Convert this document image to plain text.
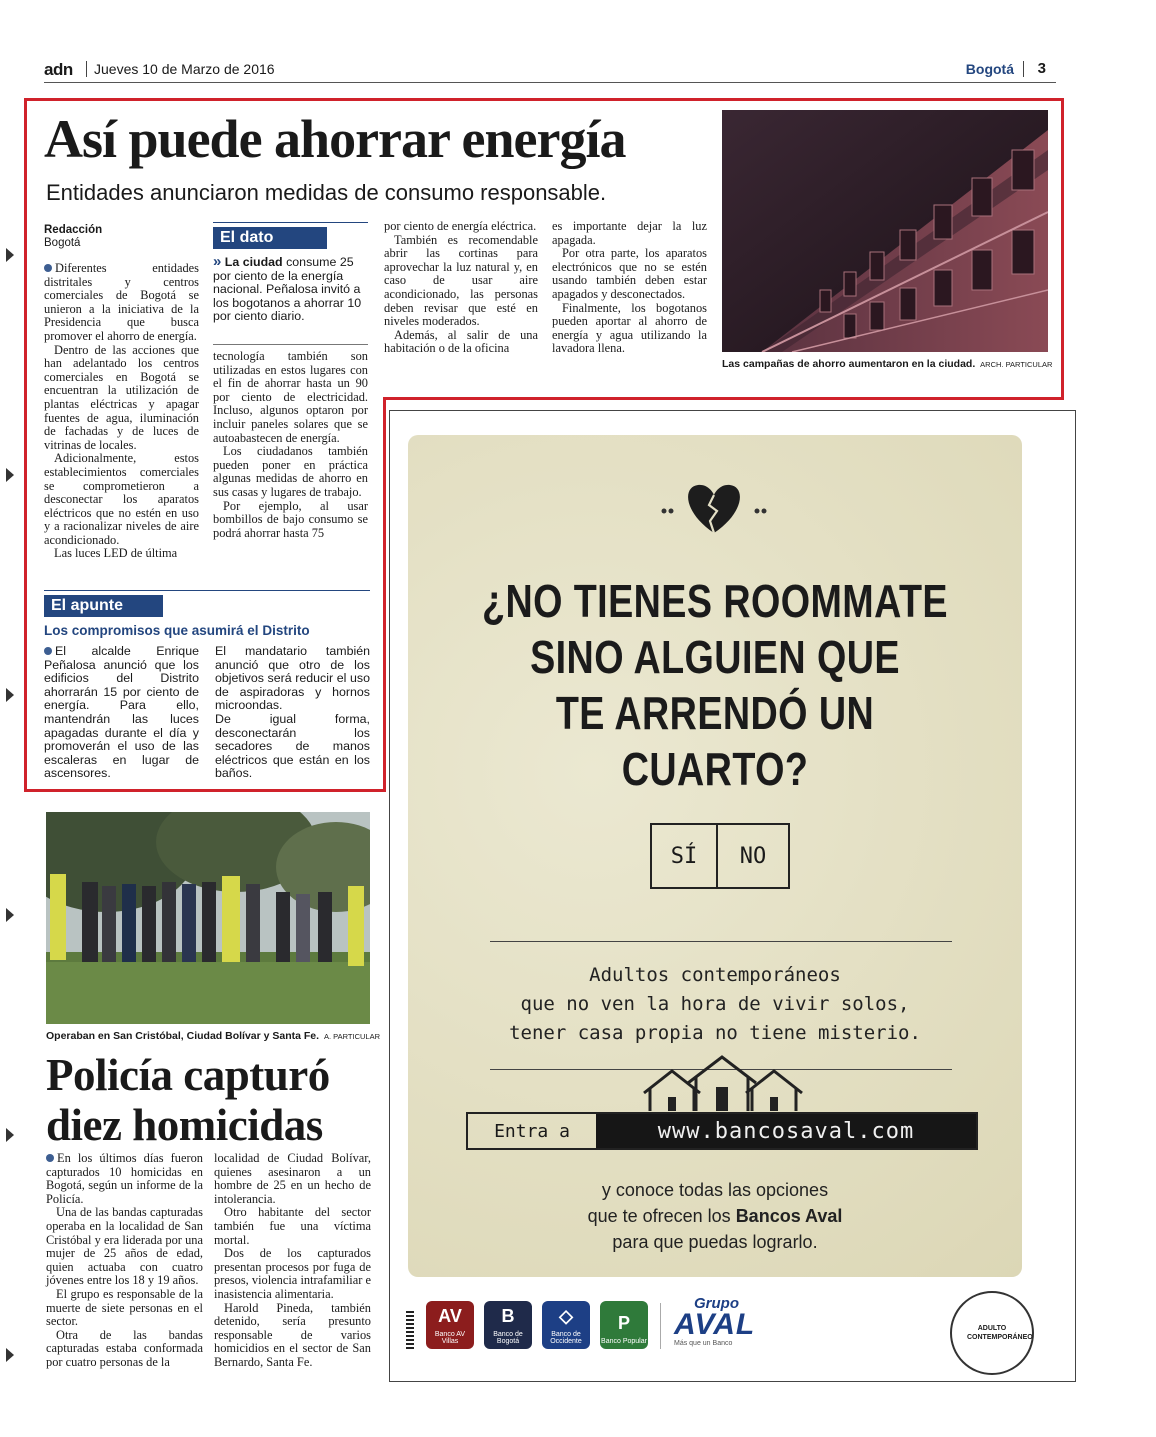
adn Jueves 10 de Marzo de 2016	Bogotá 3
Así puede ahorrar energía
Entidades anunciaron medidas de consumo responsable.
Redacción
Bogotá

Diferentes entidades distritales y centros comerciales de Bogotá se unieron a la iniciativa de la Presidencia que busca promover el ahorro de energía.

Dentro de las acciones que han adelantado los centros comerciales en Bogotá se encuentran la utilización de plantas eléctricas y apagar fuentes de agua, iluminación de fachadas y de luces de vitrinas de locales.

Adicionalmente, estos establecimientos comerciales se comprometieron a desconectar los aparatos eléctricos que no estén en uso y a racionalizar niveles de aire acondicionado.

Las luces LED de última

El dato
» La ciudad consume 25 por ciento de la energía nacional. Peñalosa invitó a los bogotanos a ahorrar 10 por ciento diario.

tecnología también son utilizadas en estos lugares con el fin de ahorrar hasta un 90 por ciento de electricidad. Incluso, algunos optaron por incluir paneles solares que se autoabastecen de energía.

Los ciudadanos también pueden poner en práctica algunas medidas de ahorro en sus casas y lugares de trabajo.

Por ejemplo, al usar bombillos de bajo consumo se podrá ahorrar hasta 75

por ciento de energía eléctrica.

También es recomendable abrir las cortinas para aprovechar la luz natural y, en caso de usar aire acondicionado, las personas deben revisar que esté en niveles moderados.

Además, al salir de una habitación o de la oficina

es importante dejar la luz apagada.

Por otra parte, los aparatos electrónicos que no se estén usando también deben estar apagados y desconectados.

Finalmente, los bogotanos pueden aportar al ahorro de energía y agua utilizando la lavadora llena.

Las campañas de ahorro aumentaron en la ciudad. ARCH. PARTICULAR
El apunte
Los compromisos que asumirá el Distrito

El alcalde Enrique Peñalosa anunció que los edificios del Distrito ahorrarán 15 por ciento de energía. Para ello, mantendrán las luces apagadas durante el día y promoverán el uso de las escaleras en lugar de ascensores.

El mandatario también anunció que otro de los objetivos será reducir el uso de aspiradoras y hornos microondas.

De igual forma, desconectarán los secadores de manos eléctricos que están en los baños.

Operaban en San Cristóbal, Ciudad Bolívar y Santa Fe. A. PARTICULAR
Policía capturó
diez homicidas

En los últimos días fueron capturados 10 homicidas en Bogotá, según un informe de la Policía.

Una de las bandas capturadas operaba en la localidad de San Cristóbal y era liderada por una mujer de 25 años de edad, quien actuaba con cuatro jóvenes entre los 18 y 19 años.

El grupo es responsable de la muerte de siete personas en el sector.

Otra de las bandas capturadas estaba conformada por cuatro personas de la

localidad de Ciudad Bolívar, quienes asesinaron a un hombre de 25 en un hecho de intolerancia.

Otro habitante del sector también fue una víctima mortal.

Dos de los capturados presentan procesos por fuga de presos, violencia intrafamiliar e inasistencia alimentaria.

Harold Pineda, también detenido, sería presunto responsable de varios homicidios en el sector de San Bernardo, Santa Fe.

¿NO TIENES ROOMMATE
SINO ALGUIEN QUE
TE ARRENDÓ UN CUARTO?
SÍ NO
Adultos contemporáneos
que no ven la hora de vivir solos,
tener casa propia no tiene misterio.
Entra a	www.bancosaval.com
y conoce todas las opciones
que te ofrecen los Bancos Aval
para que puedas lograrlo.
AV
Banco AV Villas
B
Banco de Bogotá
◇
Banco de Occidente
P
Banco Popular
Grupo
AVAL
Más que un Banco
ADULTO CONTEMPORÁNEO
